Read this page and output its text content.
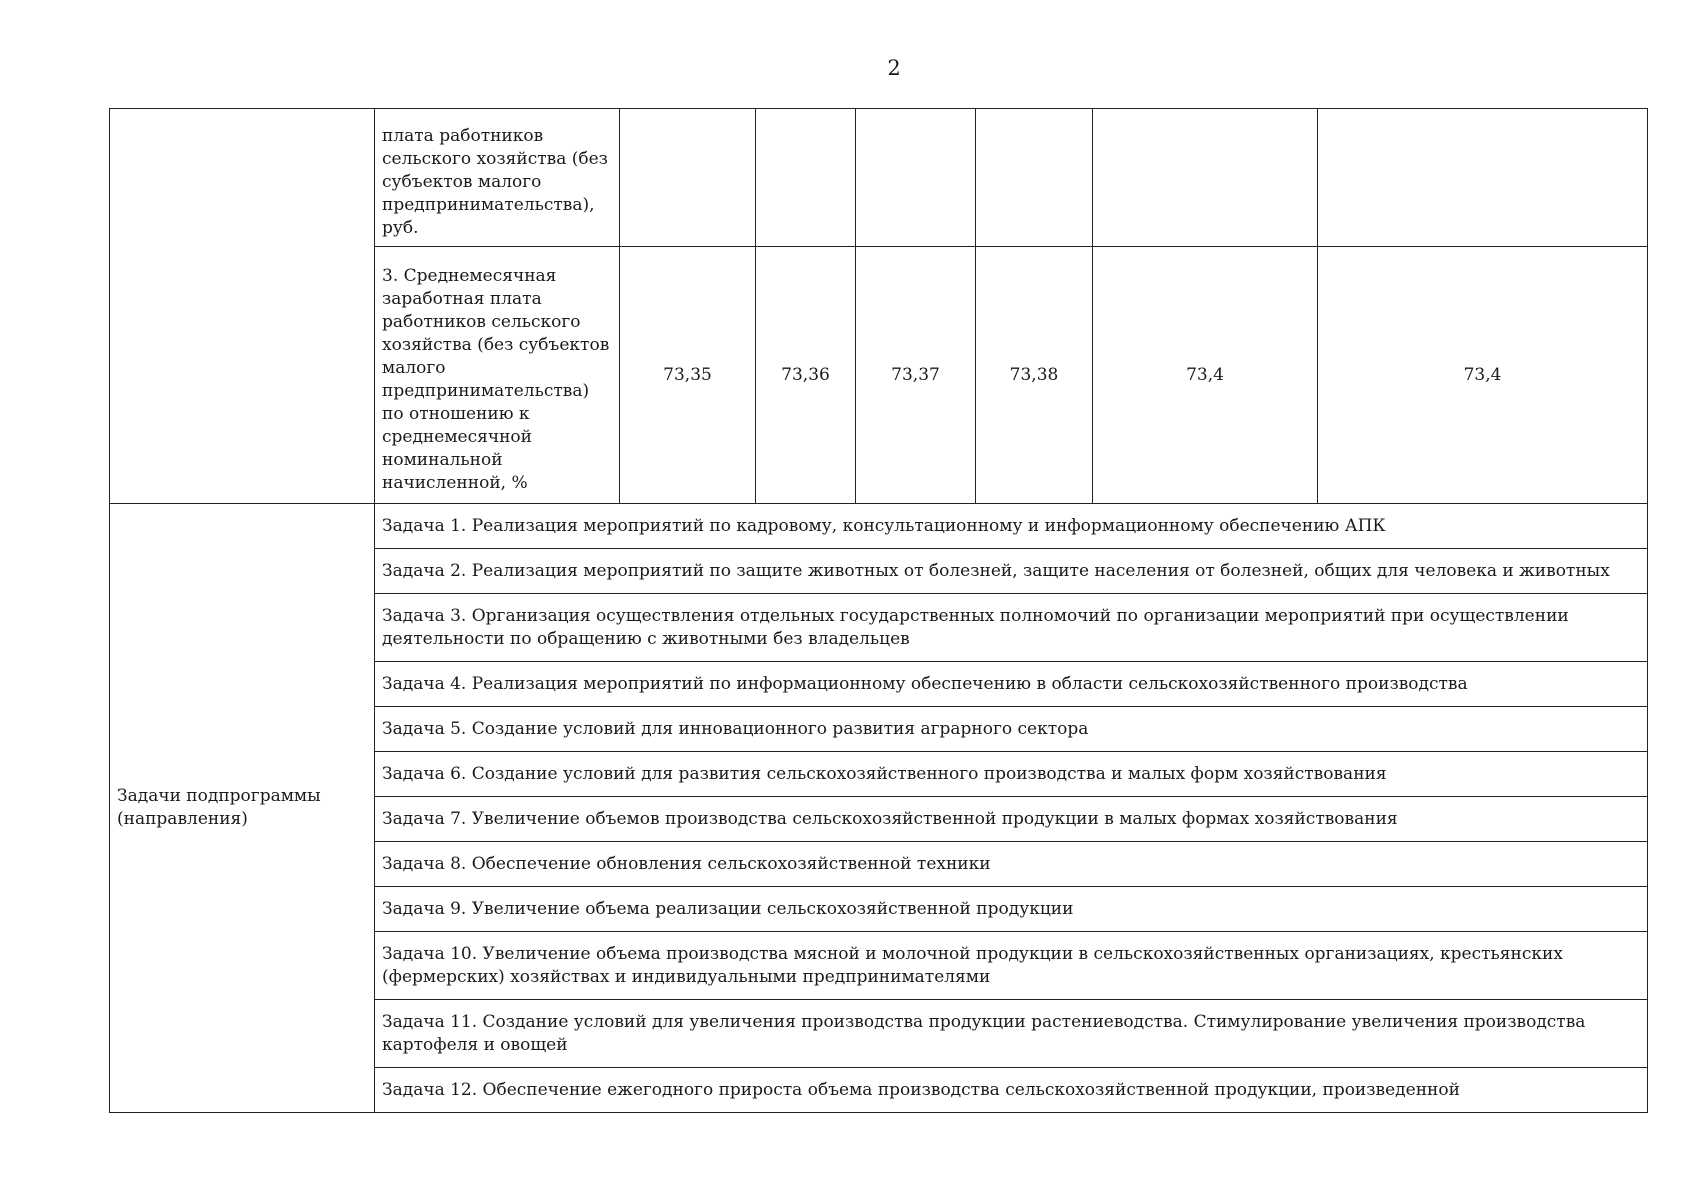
2
	плата работников сельского хозяйства (без субъектов малого предпринимательства), руб.						
	3. Среднемесячная заработная плата работников сельского хозяйства (без субъектов малого предпринимательства) по отношению к среднемесячной номинальной начисленной, %	73,35	73,36	73,37	73,38	73,4	73,4
Задачи подпрограммы (направления)	Задача 1. Реализация мероприятий по кадровому, консультационному и информационному обеспечению АПК						
	Задача 2. Реализация мероприятий по защите животных от болезней, защите населения от болезней, общих для человека и животных						
	Задача 3. Организация осуществления отдельных государственных полномочий по организации мероприятий при осуществлении деятельности по обращению с животными без владельцев						
	Задача 4. Реализация мероприятий по информационному обеспечению в области сельскохозяйственного производства						
	Задача 5. Создание условий для инновационного развития аграрного сектора						
	Задача 6. Создание условий для развития сельскохозяйственного производства и малых форм хозяйствования						
	Задача 7. Увеличение объемов производства сельскохозяйственной продукции в малых формах хозяйствования						
	Задача 8. Обеспечение обновления сельскохозяйственной техники						
	Задача 9. Увеличение объема реализации сельскохозяйственной продукции						
	Задача 10. Увеличение объема производства мясной и молочной продукции в сельскохозяйственных организациях, крестьянских (фермерских) хозяйствах и индивидуальными предпринимателями						
	Задача 11. Создание условий для увеличения производства продукции растениеводства. Стимулирование увеличения производства картофеля и овощей						
	Задача 12. Обеспечение ежегодного прироста объема производства сельскохозяйственной продукции, произведенной						
